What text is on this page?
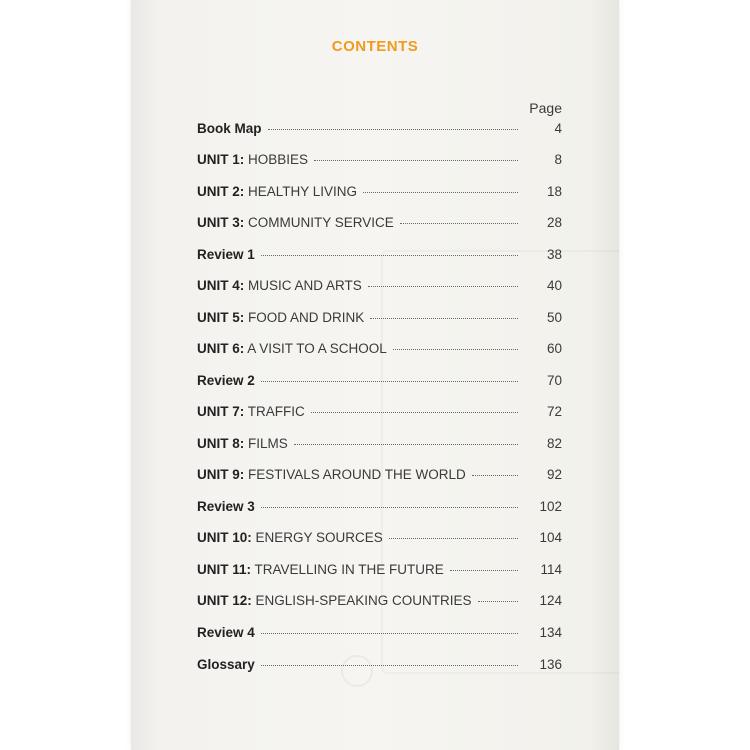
CONTENTS
Page
Book Map	4
UNIT 1: HOBBIES	8
UNIT 2: HEALTHY LIVING	18
UNIT 3: COMMUNITY SERVICE	28
Review 1	38
UNIT 4: MUSIC AND ARTS	40
UNIT 5: FOOD AND DRINK	50
UNIT 6: A VISIT TO A SCHOOL	60
Review 2	70
UNIT 7: TRAFFIC	72
UNIT 8: FILMS	82
UNIT 9: FESTIVALS AROUND THE WORLD	92
Review 3	102
UNIT 10: ENERGY SOURCES	104
UNIT 11: TRAVELLING IN THE FUTURE	114
UNIT 12: ENGLISH-SPEAKING COUNTRIES	124
Review 4	134
Glossary	136
